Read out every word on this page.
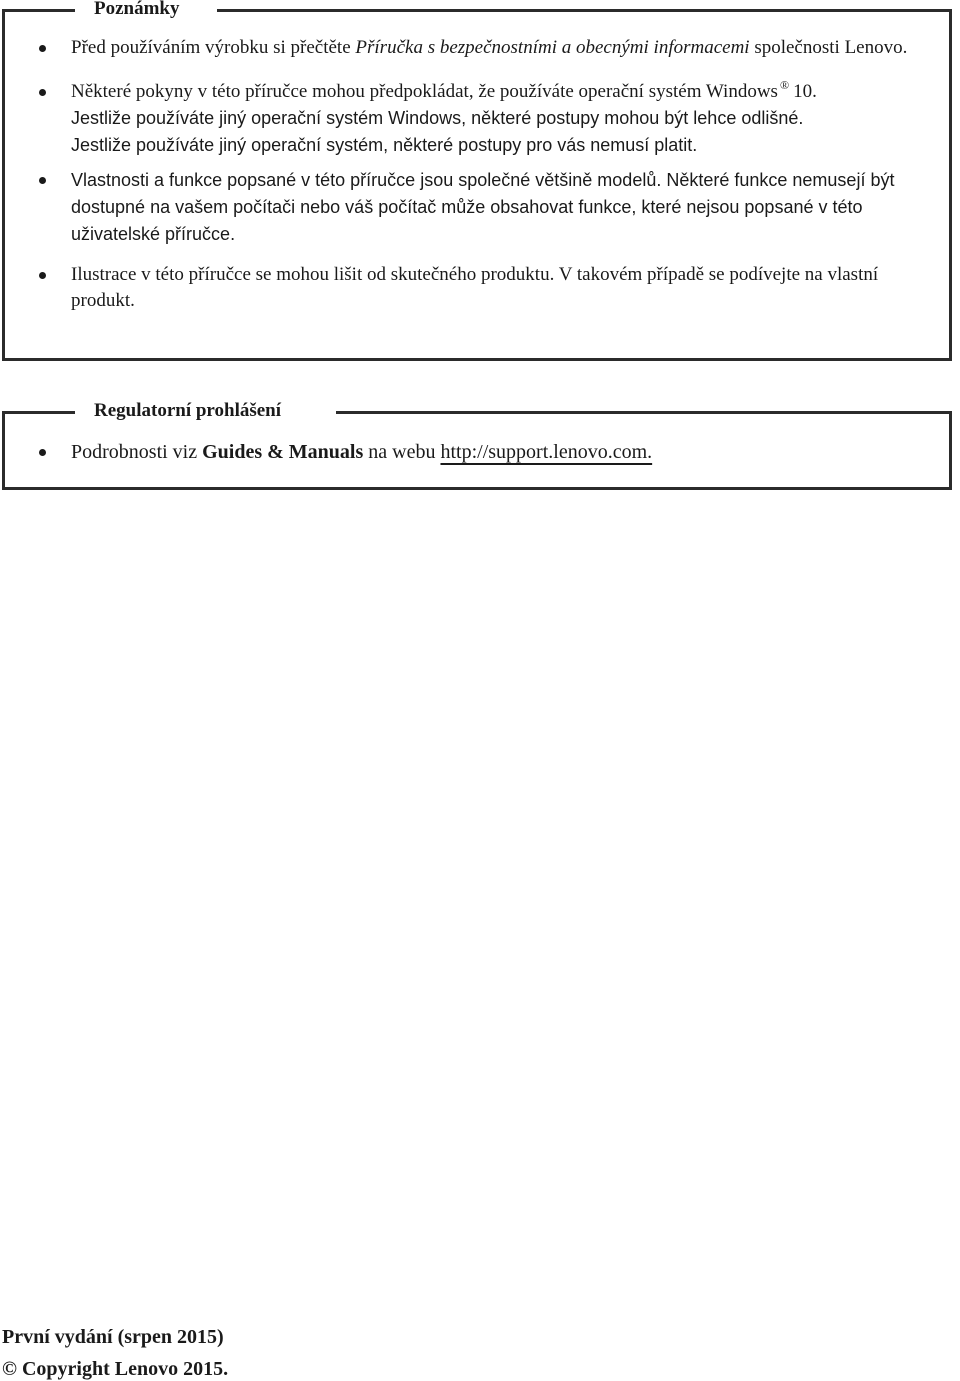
Poznámky
Před používáním výrobku si přečtěte Příručka s bezpečnostními a obecnými informacemi společnosti Lenovo.
Některé pokyny v této příručce mohou předpokládat, že používáte operační systém Windows ® 10.
Jestliže používáte jiný operační systém Windows, některé postupy mohou být lehce odlišné.
Jestliže používáte jiný operační systém, některé postupy pro vás nemusí platit.
Vlastnosti a funkce popsané v této příručce jsou společné většině modelů. Některé funkce nemusejí být dostupné na vašem počítači nebo váš počítač může obsahovat funkce, které nejsou popsané v této uživatelské příručce.
Ilustrace v této příručce se mohou lišit od skutečného produktu. V takovém případě se podívejte na vlastní produkt.
Regulatorní prohlášení
Podrobnosti viz Guides & Manuals na webu http://support.lenovo.com.
První vydání (srpen 2015)
© Copyright Lenovo 2015.
